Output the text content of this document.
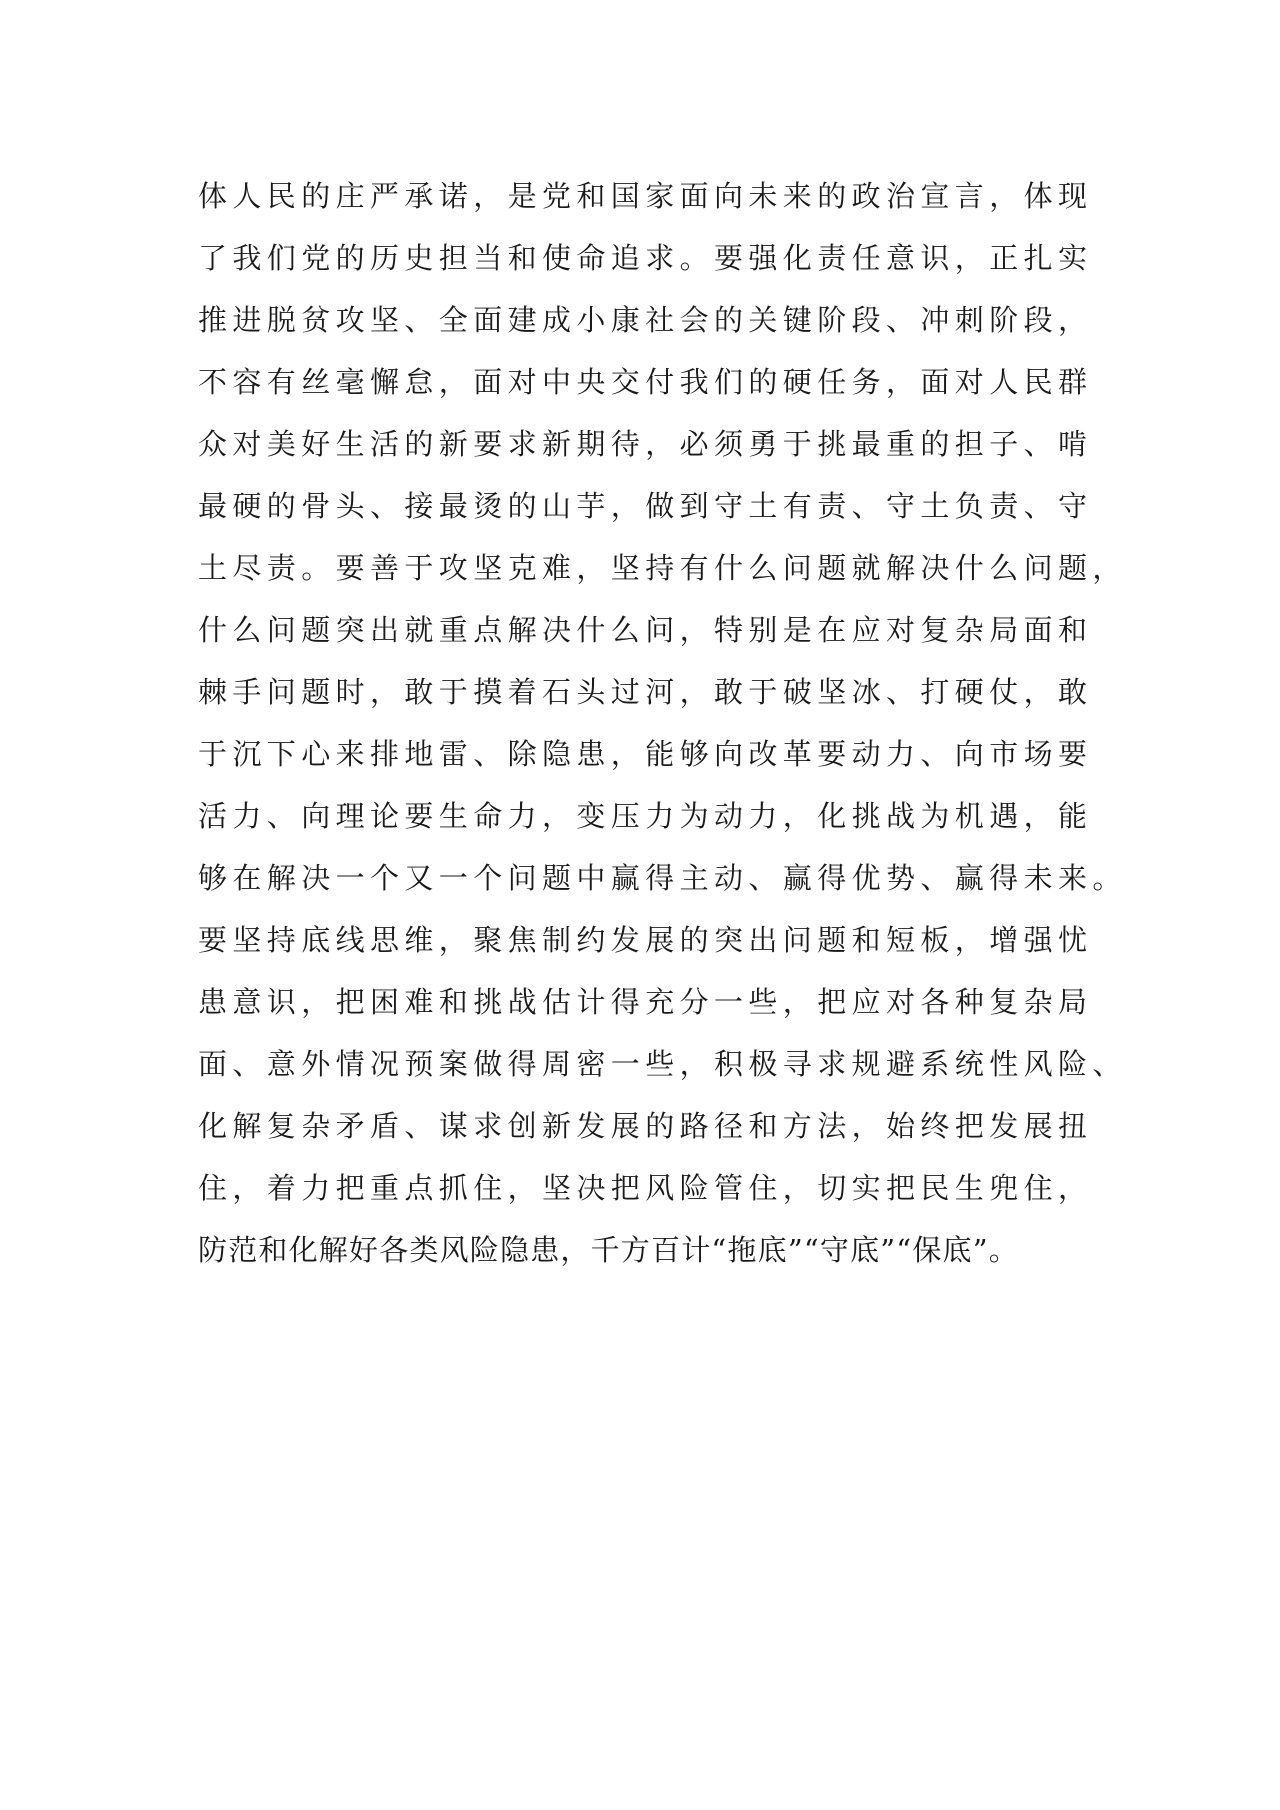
体人民的庄严承诺，是党和国家面向未来的政治宣言，体现
了我们党的历史担当和使命追求。要强化责任意识，正扎实
推进脱贫攻坚、全面建成小康社会的关键阶段、冲刺阶段，
不容有丝毫懈怠，面对中央交付我们的硬任务，面对人民群
众对美好生活的新要求新期待，必须勇于挑最重的担子、啃
最硬的骨头、接最烫的山芋，做到守土有责、守土负责、守
土尽责。要善于攻坚克难，坚持有什么问题就解决什么问题，
什么问题突出就重点解决什么问，特别是在应对复杂局面和
棘手问题时，敢于摸着石头过河，敢于破坚冰、打硬仗，敢
于沉下心来排地雷、除隐患，能够向改革要动力、向市场要
活力、向理论要生命力，变压力为动力，化挑战为机遇，能
够在解决一个又一个问题中赢得主动、赢得优势、赢得未来。
要坚持底线思维，聚焦制约发展的突出问题和短板，增强忧
患意识，把困难和挑战估计得充分一些，把应对各种复杂局
面、意外情况预案做得周密一些，积极寻求规避系统性风险、
化解复杂矛盾、谋求创新发展的路径和方法，始终把发展扭
住，着力把重点抓住，坚决把风险管住，切实把民生兜住，
防范和化解好各类风险隐患，千方百计“拖底”“守底”“保底”。
